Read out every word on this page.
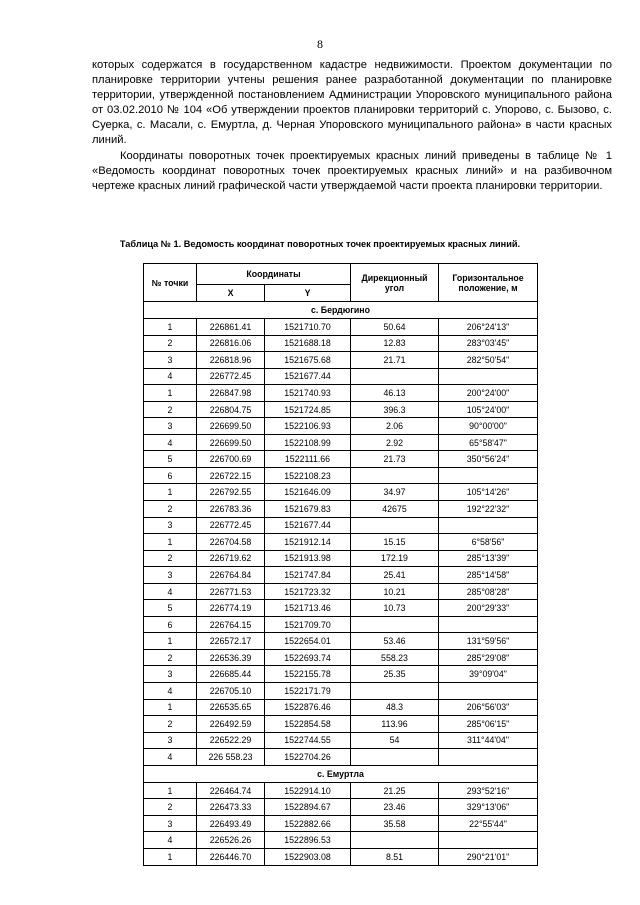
8

которых содержатся в государственном кадастре недвижимости. Проектом документации по планировке территории учтены решения ранее разработанной документации по планировке территории, утвержденной постановлением Администрации Упоровского муниципального района от 03.02.2010 № 104 «Об утверждении проектов планировки территорий с. Упорово, с. Бызово, с. Суерка, с. Масали, с. Емуртла, д. Черная Упоровского муниципального района» в части красных линий.

Координаты поворотных точек проектируемых красных линий приведены в таблице № 1 «Ведомость координат поворотных точек проектируемых красных линий» и на разбивочном чертеже красных линий графической части утверждаемой части проекта планировки территории.

Таблица № 1. Ведомость координат поворотных точек проектируемых красных линий.
№ точки	Координаты		Дирекционный угол	Горизонтальное положение, м
	X	Y		
с. Бердюгино				
1	226861.41	1521710.70	50.64	206°24'13"
2	226816.06	1521688.18	12.83	283°03'45"
3	226818.96	1521675.68	21.71	282°50'54"
4	226772.45	1521677.44		
1	226847.98	1521740.93	46.13	200°24'00"
2	226804.75	1521724.85	396.3	105°24'00"
3	226699.50	1522106.93	2.06	90°00'00"
4	226699.50	1522108.99	2.92	65°58'47"
5	226700.69	1522111.66	21.73	350°56'24"
6	226722.15	1522108.23		
1	226792.55	1521646.09	34.97	105°14'26"
2	226783.36	1521679.83	42675	192°22'32"
3	226772.45	1521677.44		
1	226704.58	1521912.14	15.15	6°58'56"
2	226719.62	1521913.98	172.19	285°13'39"
3	226764.84	1521747.84	25.41	285°14'58"
4	226771.53	1521723.32	10.21	285°08'28"
5	226774.19	1521713.46	10.73	200°29'33"
6	226764.15	1521709.70		
1	226572.17	1522654.01	53.46	131°59'56"
2	226536.39	1522693.74	558.23	285°29'08"
3	226685.44	1522155.78	25.35	39°09'04"
4	226705.10	1522171.79		
1	226535.65	1522876.46	48.3	206°56'03"
2	226492.59	1522854.58	113.96	285°06'15"
3	226522.29	1522744.55	54	311°44'04"
4	226 558.23	1522704.26		
с. Емуртла				
1	226464.74	1522914.10	21.25	293°52'16"
2	226473.33	1522894.67	23.46	329°13'06"
3	226493.49	1522882.66	35.58	22°55'44"
4	226526.26	1522896.53		
1	226446.70	1522903.08	8.51	290°21'01"
